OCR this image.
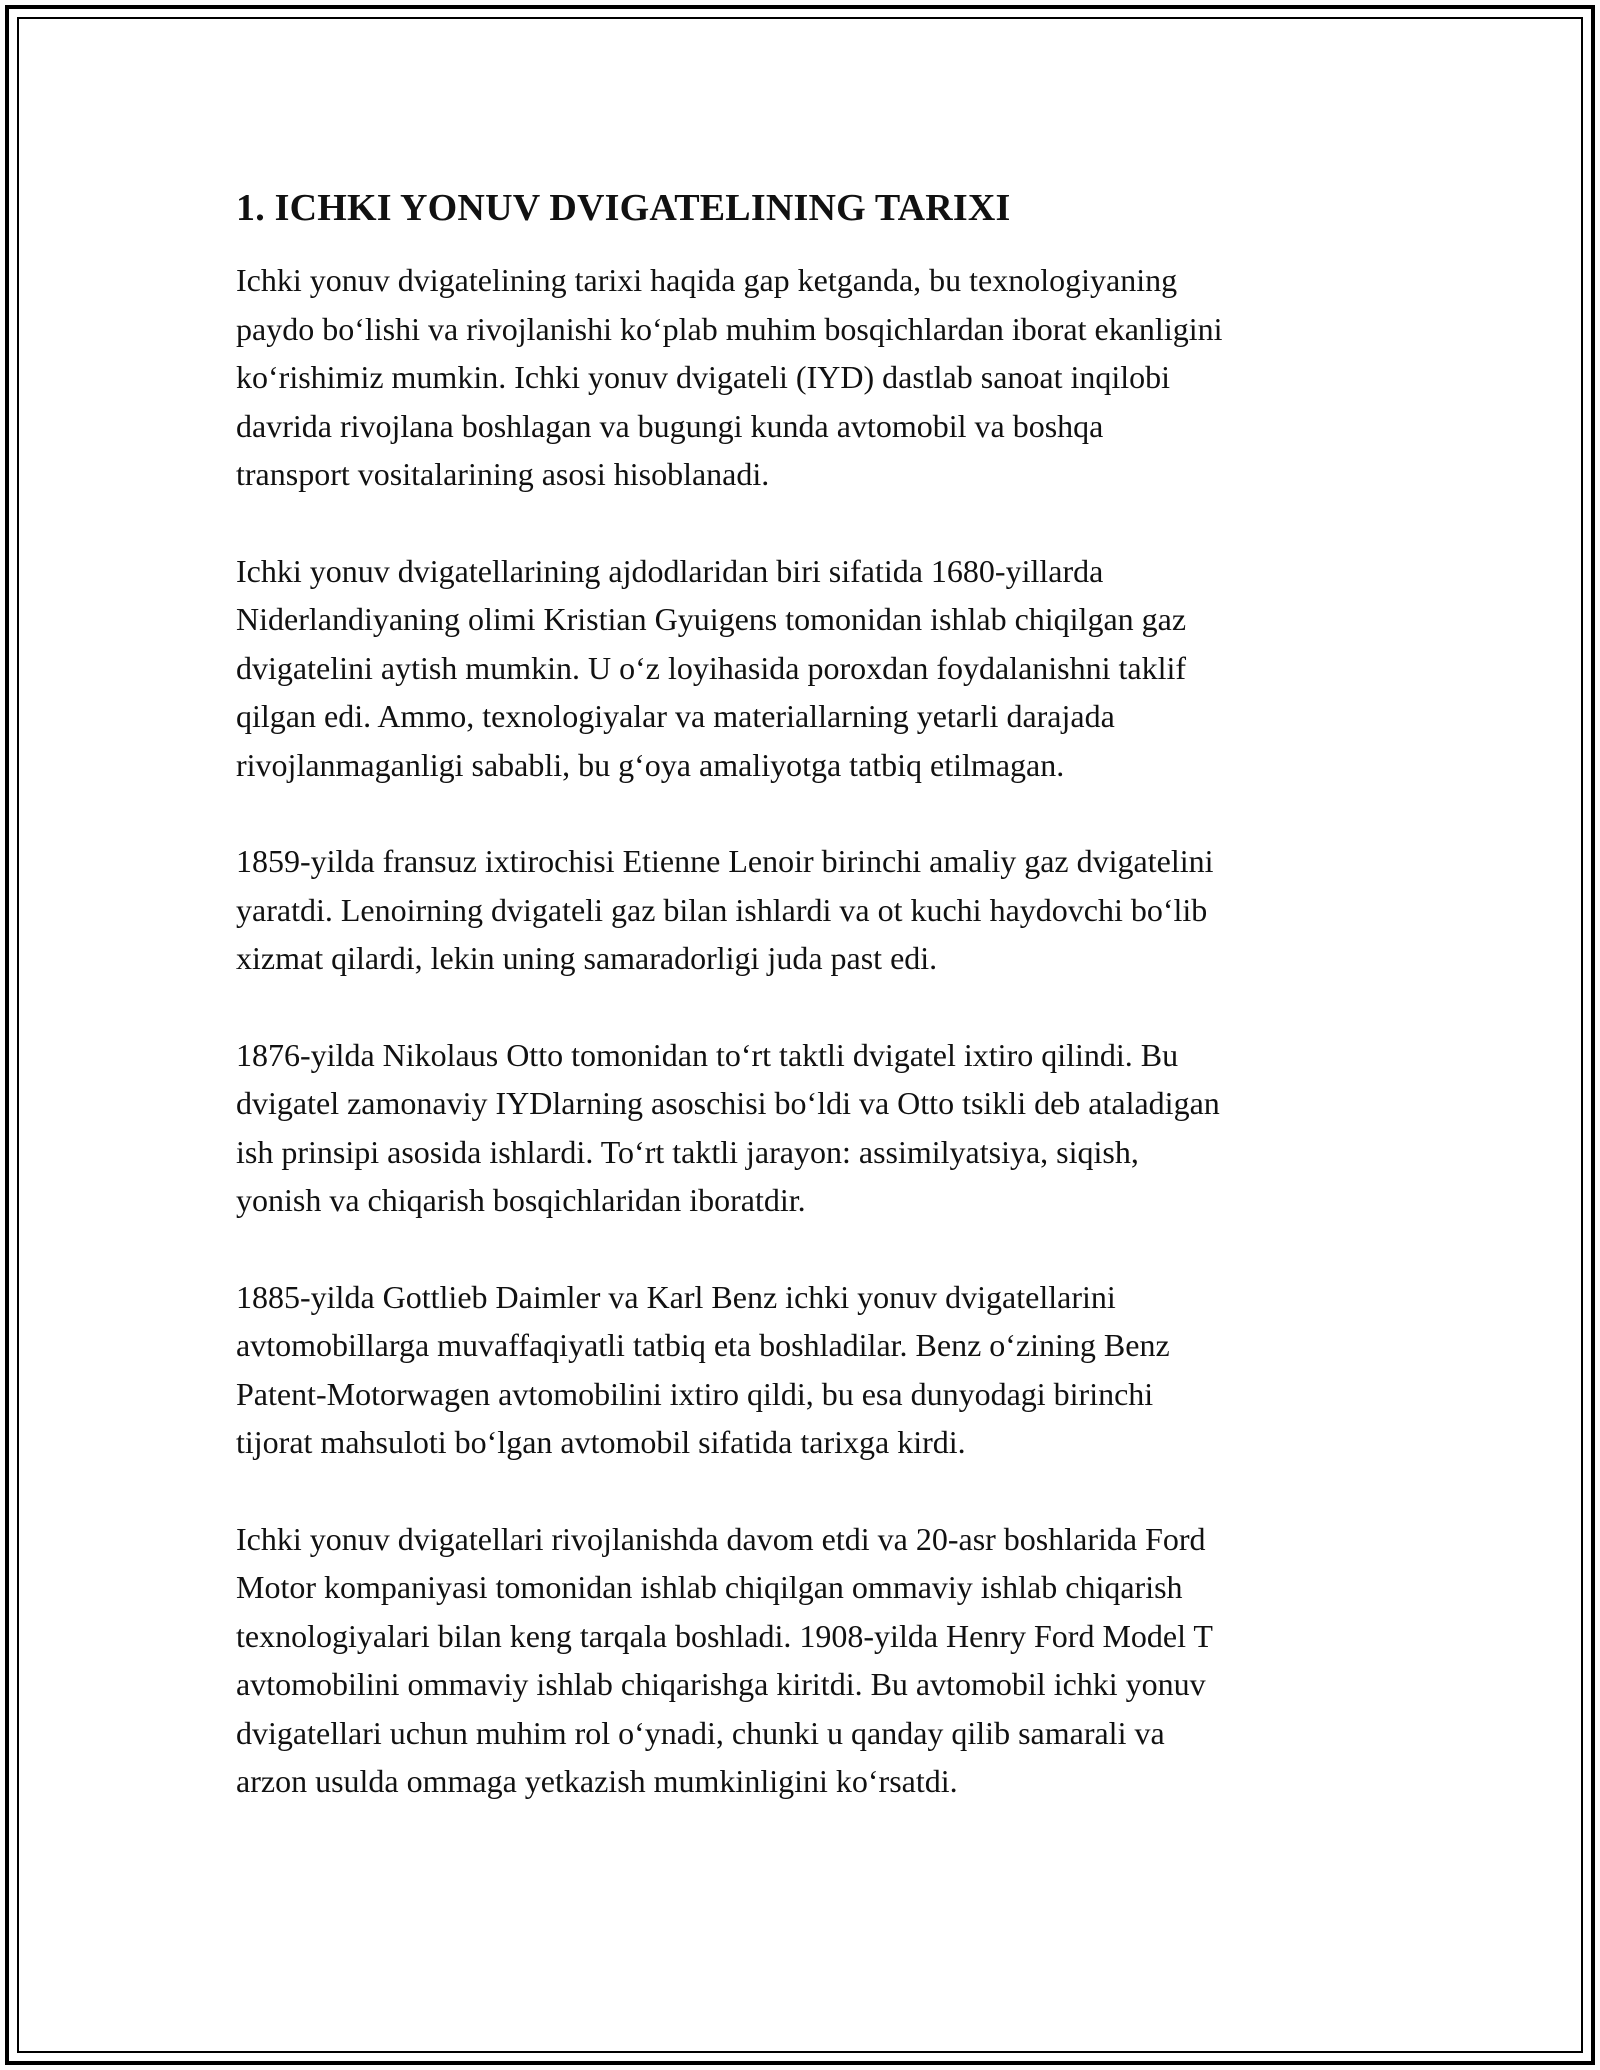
1. ICHKI YONUV DVIGATELINING TARIXI

Ichki yonuv dvigatelining tarixi haqida gap ketganda, bu texnologiyaning
paydo bo‘lishi va rivojlanishi ko‘plab muhim bosqichlardan iborat ekanligini
ko‘rishimiz mumkin. Ichki yonuv dvigateli (IYD) dastlab sanoat inqilobi
davrida rivojlana boshlagan va bugungi kunda avtomobil va boshqa
transport vositalarining asosi hisoblanadi.

Ichki yonuv dvigatellarining ajdodlaridan biri sifatida 1680-yillarda
Niderlandiyaning olimi Kristian Gyuigens tomonidan ishlab chiqilgan gaz
dvigatelini aytish mumkin. U o‘z loyihasida poroxdan foydalanishni taklif
qilgan edi. Ammo, texnologiyalar va materiallarning yetarli darajada
rivojlanmaganligi sababli, bu g‘oya amaliyotga tatbiq etilmagan.

1859-yilda fransuz ixtirochisi Etienne Lenoir birinchi amaliy gaz dvigatelini
yaratdi. Lenoirning dvigateli gaz bilan ishlardi va ot kuchi haydovchi bo‘lib
xizmat qilardi, lekin uning samaradorligi juda past edi.

1876-yilda Nikolaus Otto tomonidan to‘rt taktli dvigatel ixtiro qilindi. Bu
dvigatel zamonaviy IYDlarning asoschisi bo‘ldi va Otto tsikli deb ataladigan
ish prinsipi asosida ishlardi. To‘rt taktli jarayon: assimilyatsiya, siqish,
yonish va chiqarish bosqichlaridan iboratdir.

1885-yilda Gottlieb Daimler va Karl Benz ichki yonuv dvigatellarini
avtomobillarga muvaffaqiyatli tatbiq eta boshladilar. Benz o‘zining Benz
Patent-Motorwagen avtomobilini ixtiro qildi, bu esa dunyodagi birinchi
tijorat mahsuloti bo‘lgan avtomobil sifatida tarixga kirdi.

Ichki yonuv dvigatellari rivojlanishda davom etdi va 20-asr boshlarida Ford
Motor kompaniyasi tomonidan ishlab chiqilgan ommaviy ishlab chiqarish
texnologiyalari bilan keng tarqala boshladi. 1908-yilda Henry Ford Model T
avtomobilini ommaviy ishlab chiqarishga kiritdi. Bu avtomobil ichki yonuv
dvigatellari uchun muhim rol o‘ynadi, chunki u qanday qilib samarali va
arzon usulda ommaga yetkazish mumkinligini ko‘rsatdi.
